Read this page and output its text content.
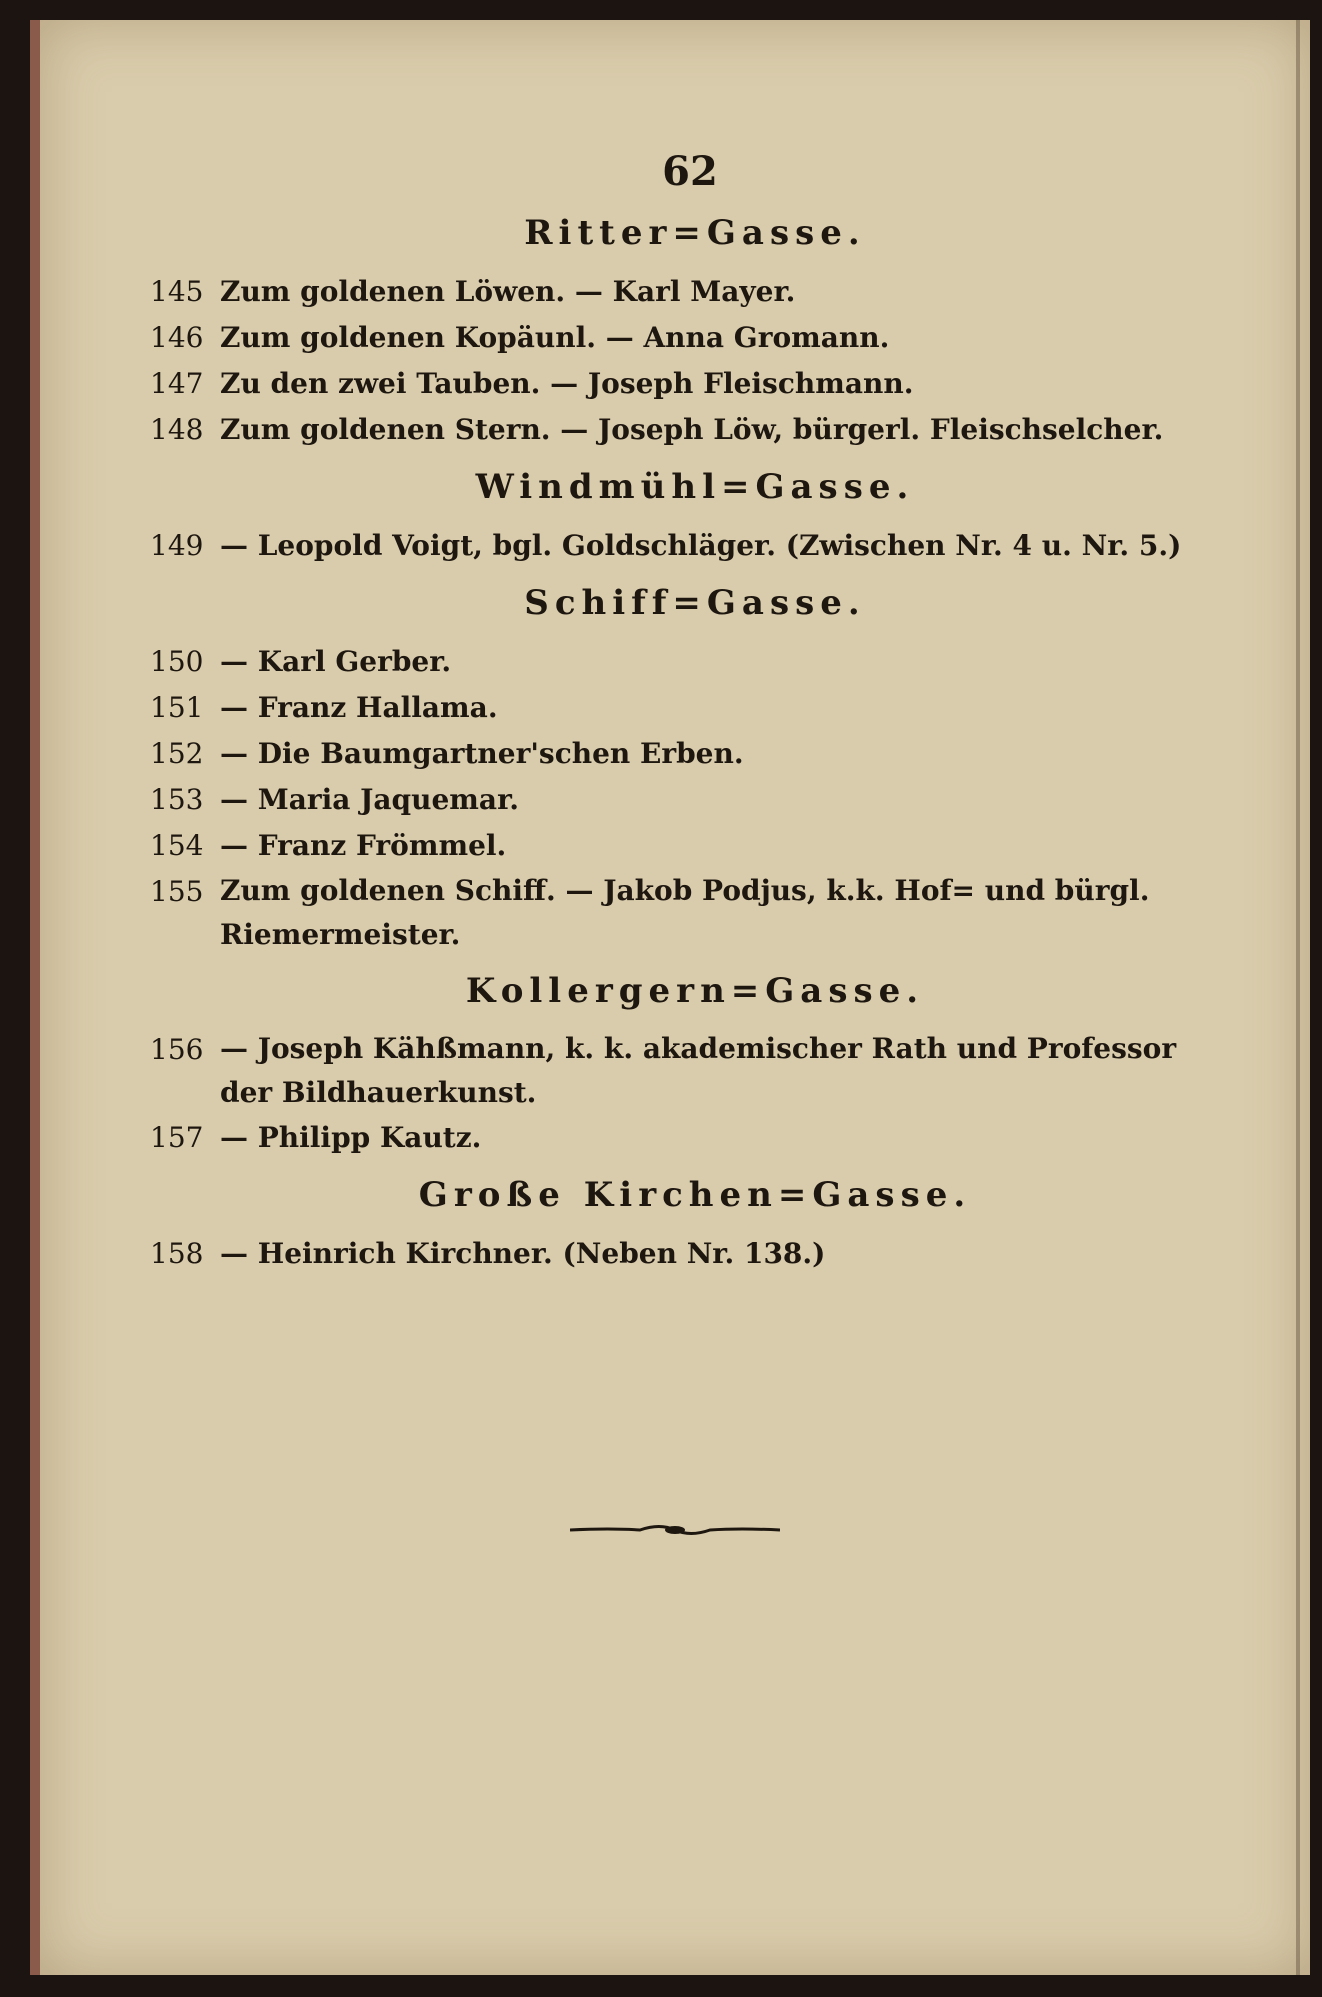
62
Ritter=Gasse.
145 Zum goldenen Löwen. — Karl Mayer.
146 Zum goldenen Kopäunl. — Anna Gromann.
147 Zu den zwei Tauben. — Joseph Fleischmann.
148 Zum goldenen Stern. — Joseph Löw, bürgerl. Fleischselcher.
Windmühl=Gasse.
149 — Leopold Voigt, bgl. Goldschläger. (Zwischen Nr. 4 u. Nr. 5.)
Schiff=Gasse.
150 — Karl Gerber.
151 — Franz Hallama.
152 — Die Baumgartner'schen Erben.
153 — Maria Jaquemar.
154 — Franz Frömmel.
155 Zum goldenen Schiff. — Jakob Podjus, k.k. Hof= und bürgl. Riemermeister.
Kollergern=Gasse.
156 — Joseph Kähßmann, k. k. akademischer Rath und Professor der Bildhauerkunst.
157 — Philipp Kautz.
Große Kirchen=Gasse.
158 — Heinrich Kirchner. (Neben Nr. 138.)
